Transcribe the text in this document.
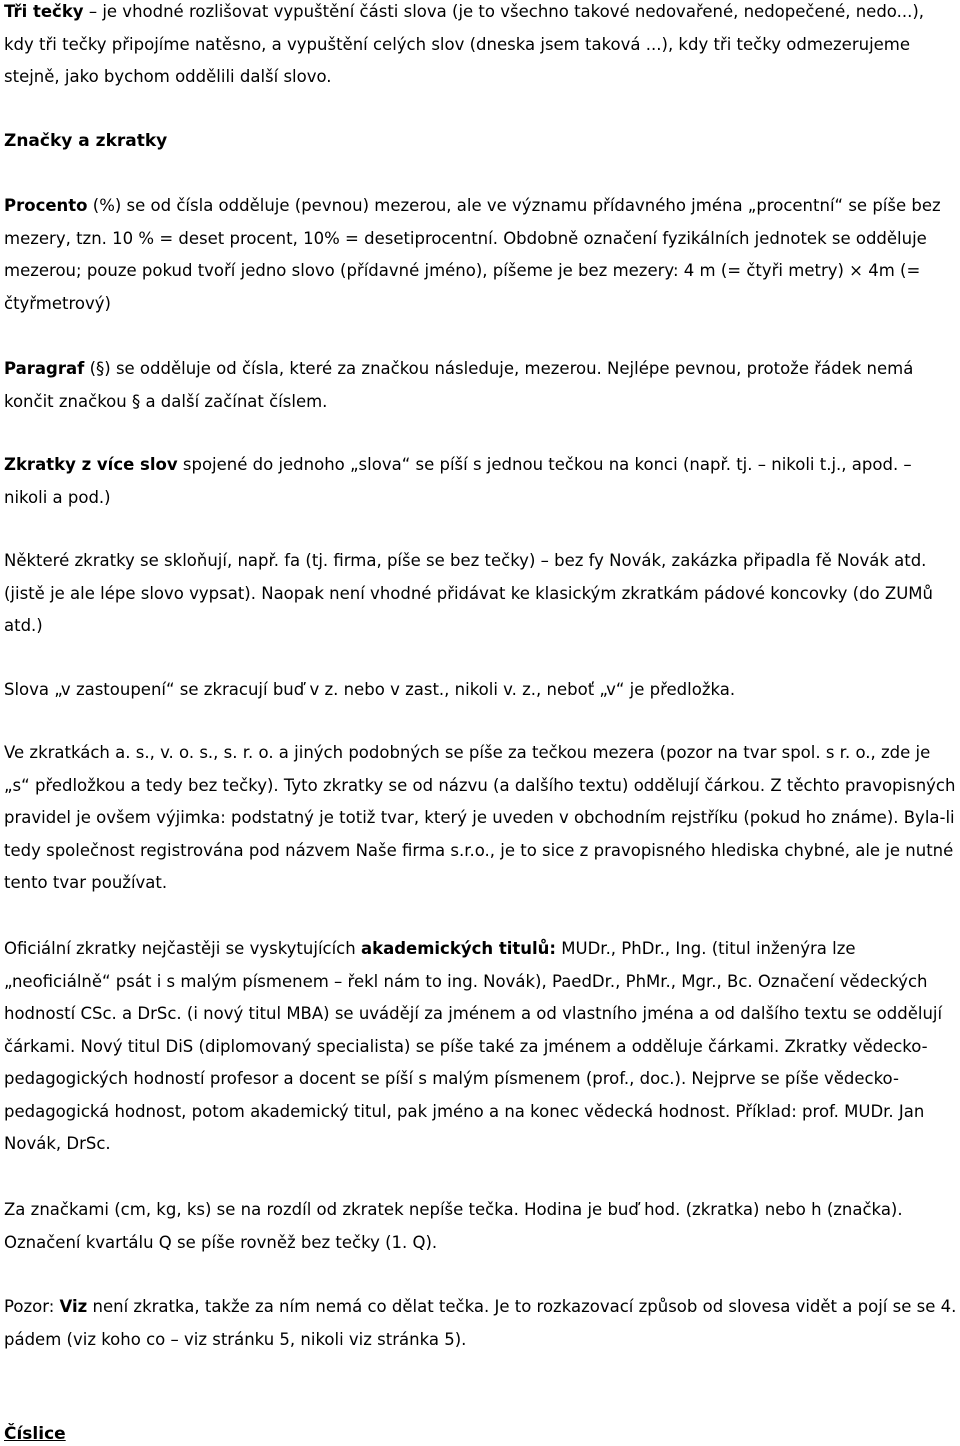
Tři tečky – je vhodné rozlišovat vypuštění části slova (je to všechno takové nedovařené, nedopečené, nedo...), kdy tři tečky připojíme natěsno, a vypuštění celých slov (dneska jsem taková ...), kdy tři tečky odmezerujeme stejně, jako bychom oddělili další slovo.

Značky a zkratky

Procento (%) se od čísla odděluje (pevnou) mezerou, ale ve významu přídavného jména „procentní“ se píše bez mezery, tzn. 10 % = deset procent, 10% = desetiprocentní. Obdobně označení fyzikálních jednotek se odděluje mezerou; pouze pokud tvoří jedno slovo (přídavné jméno), píšeme je bez mezery: 4 m (= čtyři metry) × 4m (= čtyřmetrový)

Paragraf (§) se odděluje od čísla, které za značkou následuje, mezerou. Nejlépe pevnou, protože řádek nemá končit značkou § a další začínat číslem.

Zkratky z více slov spojené do jednoho „slova“ se píší s jednou tečkou na konci (např. tj. – nikoli t.j., apod. – nikoli a pod.)

Některé zkratky se skloňují, např. fa (tj. firma, píše se bez tečky) – bez fy Novák, zakázka připadla fě Novák atd. (jistě je ale lépe slovo vypsat). Naopak není vhodné přidávat ke klasickým zkratkám pádové koncovky (do ZUMů atd.)

Slova „v zastoupení“ se zkracují buď v z. nebo v zast., nikoli v. z., neboť „v“ je předložka.

Ve zkratkách a. s., v. o. s., s. r. o. a jiných podobných se píše za tečkou mezera (pozor na tvar spol. s r. o., zde je „s“ předložkou a tedy bez tečky). Tyto zkratky se od názvu (a dalšího textu) oddělují čárkou. Z těchto pravopisných pravidel je ovšem výjimka: podstatný je totiž tvar, který je uveden v obchodním rejstříku (pokud ho známe). Byla-li tedy společnost registrována pod názvem Naše firma s.r.o., je to sice z pravopisného hlediska chybné, ale je nutné tento tvar používat.

Oficiální zkratky nejčastěji se vyskytujících akademických titulů: MUDr., PhDr., Ing. (titul inženýra lze „neoficiálně“ psát i s malým písmenem – řekl nám to ing. Novák), PaedDr., PhMr., Mgr., Bc. Označení vědeckých hodností CSc. a DrSc. (i nový titul MBA) se uvádějí za jménem a od vlastního jména a od dalšího textu se oddělují čárkami. Nový titul DiS (diplomovaný specialista) se píše také za jménem a odděluje čárkami. Zkratky vědecko-pedagogických hodností profesor a docent se píší s malým písmenem (prof., doc.). Nejprve se píše vědecko-pedagogická hodnost, potom akademický titul, pak jméno a na konec vědecká hodnost. Příklad: prof. MUDr. Jan Novák, DrSc.

Za značkami (cm, kg, ks) se na rozdíl od zkratek nepíše tečka. Hodina je buď hod. (zkratka) nebo h (značka). Označení kvartálu Q se píše rovněž bez tečky (1. Q).

Pozor: Viz není zkratka, takže za ním nemá co dělat tečka. Je to rozkazovací způsob od slovesa vidět a pojí se se 4. pádem (viz koho co – viz stránku 5, nikoli viz stránka 5).

Číslice
